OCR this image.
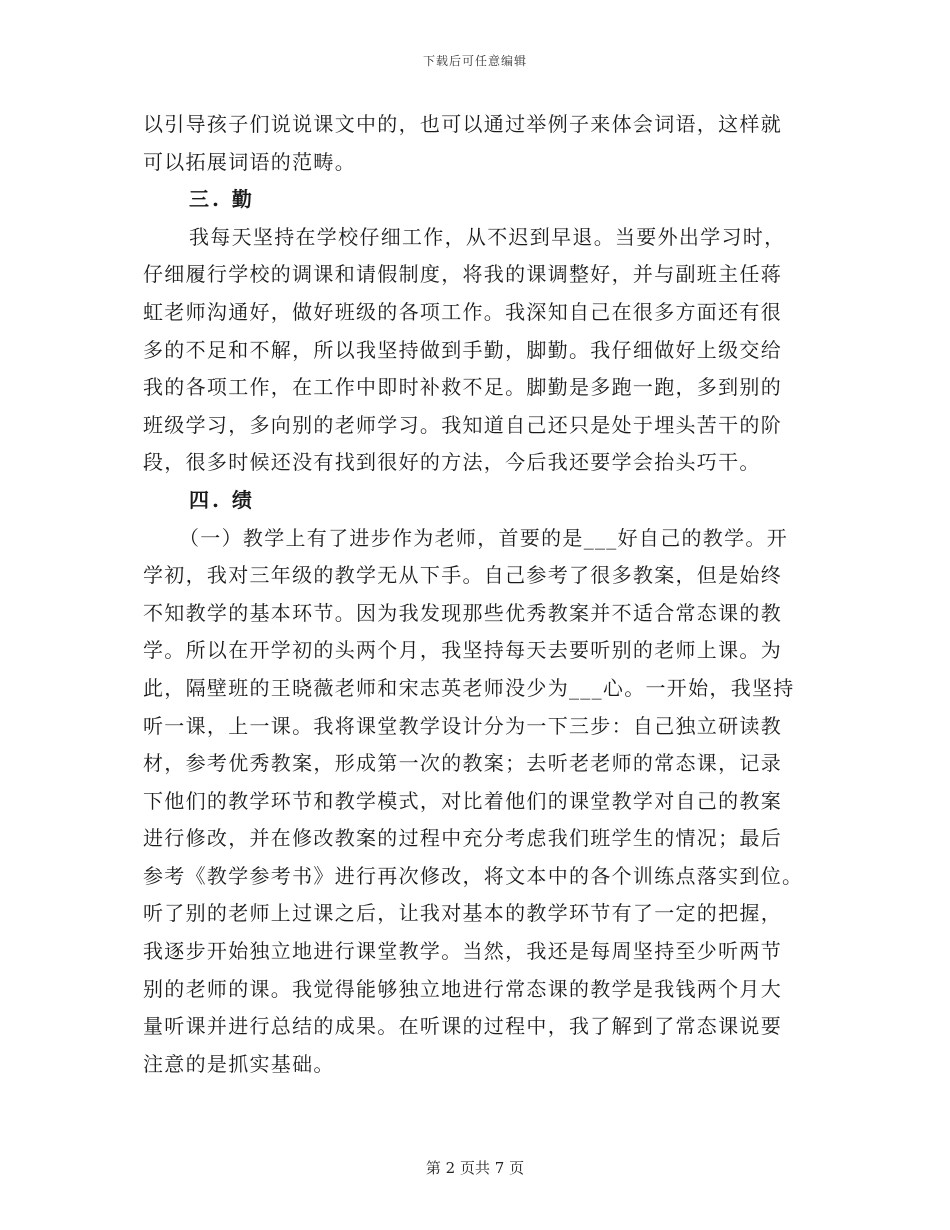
下载后可任意编辑
以引导孩子们说说课文中的，也可以通过举例子来体会词语，这样就
可以拓展词语的范畴。
三. 勤
我每天坚持在学校仔细工作，从不迟到早退。当要外出学习时，
仔细履行学校的调课和请假制度，将我的课调整好，并与副班主任蒋
虹老师沟通好，做好班级的各项工作。我深知自己在很多方面还有很
多的不足和不解，所以我坚持做到手勤，脚勤。我仔细做好上级交给
我的各项工作，在工作中即时补救不足。脚勤是多跑一跑，多到别的
班级学习，多向别的老师学习。我知道自己还只是处于埋头苦干的阶
段，很多时候还没有找到很好的方法，今后我还要学会抬头巧干。
四. 绩
（一）教学上有了进步作为老师，首要的是___好自己的教学。开
学初，我对三年级的教学无从下手。自己参考了很多教案，但是始终
不知教学的基本环节。因为我发现那些优秀教案并不适合常态课的教
学。所以在开学初的头两个月，我坚持每天去要听别的老师上课。为
此，隔壁班的王晓薇老师和宋志英老师没少为___心。一开始，我坚持
听一课，上一课。我将课堂教学设计分为一下三步：自己独立研读教
材，参考优秀教案，形成第一次的教案；去听老老师的常态课，记录
下他们的教学环节和教学模式，对比着他们的课堂教学对自己的教案
进行修改，并在修改教案的过程中充分考虑我们班学生的情况；最后
参考《教学参考书》进行再次修改，将文本中的各个训练点落实到位。
听了别的老师上过课之后，让我对基本的教学环节有了一定的把握，
我逐步开始独立地进行课堂教学。当然，我还是每周坚持至少听两节
别的老师的课。我觉得能够独立地进行常态课的教学是我钱两个月大
量听课并进行总结的成果。在听课的过程中，我了解到了常态课说要
注意的是抓实基础。
第 2 页共 7 页
